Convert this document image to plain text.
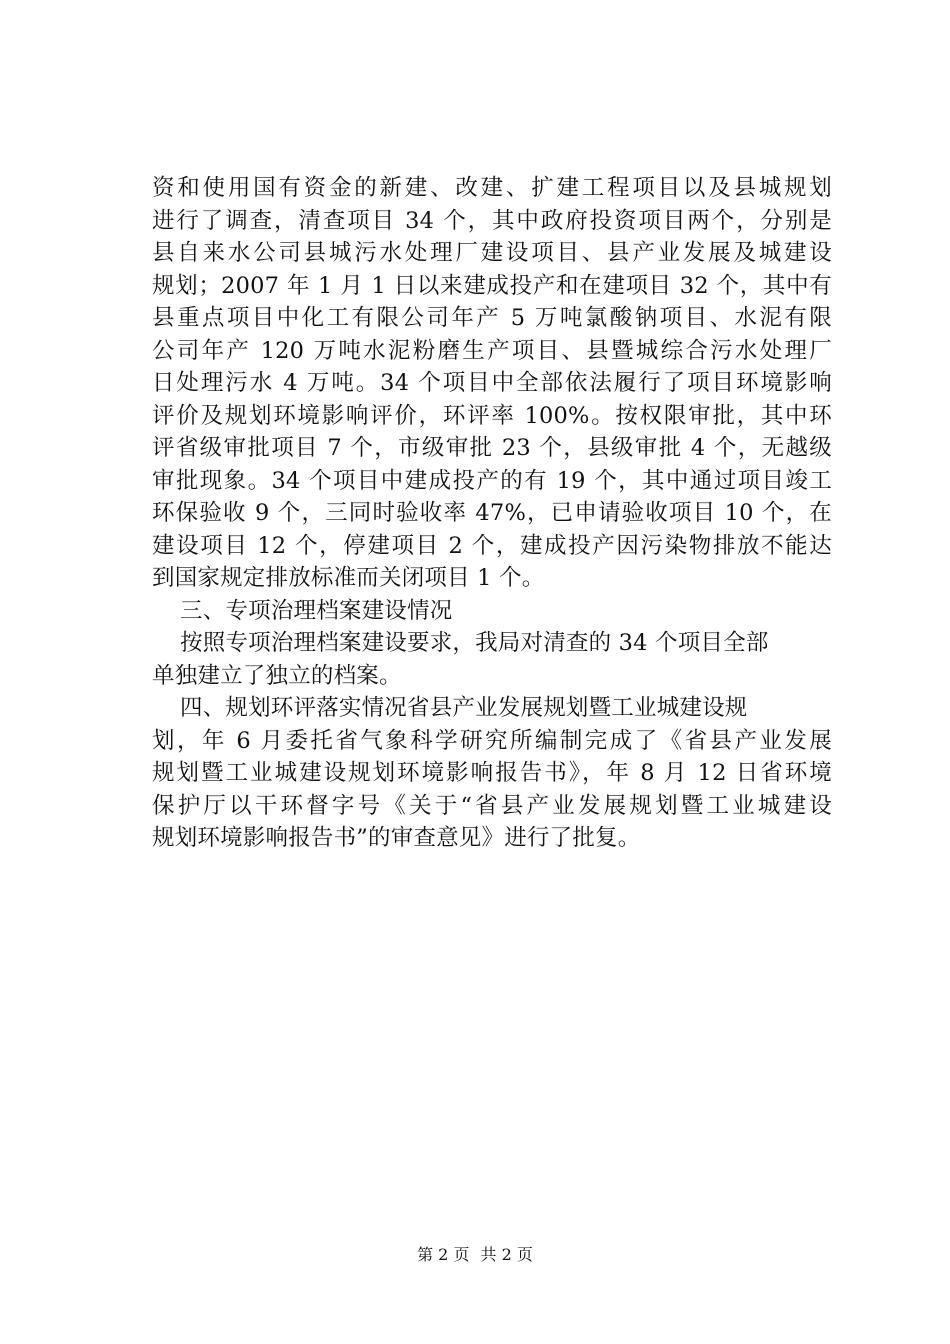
资和使用国有资金的新建、改建、扩建工程项目以及县城规划
进行了调查，清查项目 34 个，其中政府投资项目两个，分别是
县自来水公司县城污水处理厂建设项目、县产业发展及城建设
规划；2007 年 1 月 1 日以来建成投产和在建项目 32 个，其中有
县重点项目中化工有限公司年产 5 万吨氯酸钠项目、水泥有限
公司年产 120 万吨水泥粉磨生产项目、县暨城综合污水处理厂
日处理污水 4 万吨。34 个项目中全部依法履行了项目环境影响
评价及规划环境影响评价，环评率 100%。按权限审批，其中环
评省级审批项目 7 个，市级审批 23 个，县级审批 4 个，无越级
审批现象。34 个项目中建成投产的有 19 个，其中通过项目竣工
环保验收 9 个，三同时验收率 47%，已申请验收项目 10 个，在
建设项目 12 个，停建项目 2 个，建成投产因污染物排放不能达
到国家规定排放标准而关闭项目 1 个。
三、专项治理档案建设情况
按照专项治理档案建设要求，我局对清查的 34 个项目全部
单独建立了独立的档案。
四、规划环评落实情况省县产业发展规划暨工业城建设规
划，年 6 月委托省气象科学研究所编制完成了《省县产业发展
规划暨工业城建设规划环境影响报告书》，年 8 月 12 日省环境
保护厅以干环督字号《关于“省县产业发展规划暨工业城建设
规划环境影响报告书”的审查意见》进行了批复。
第 2 页 共 2 页
